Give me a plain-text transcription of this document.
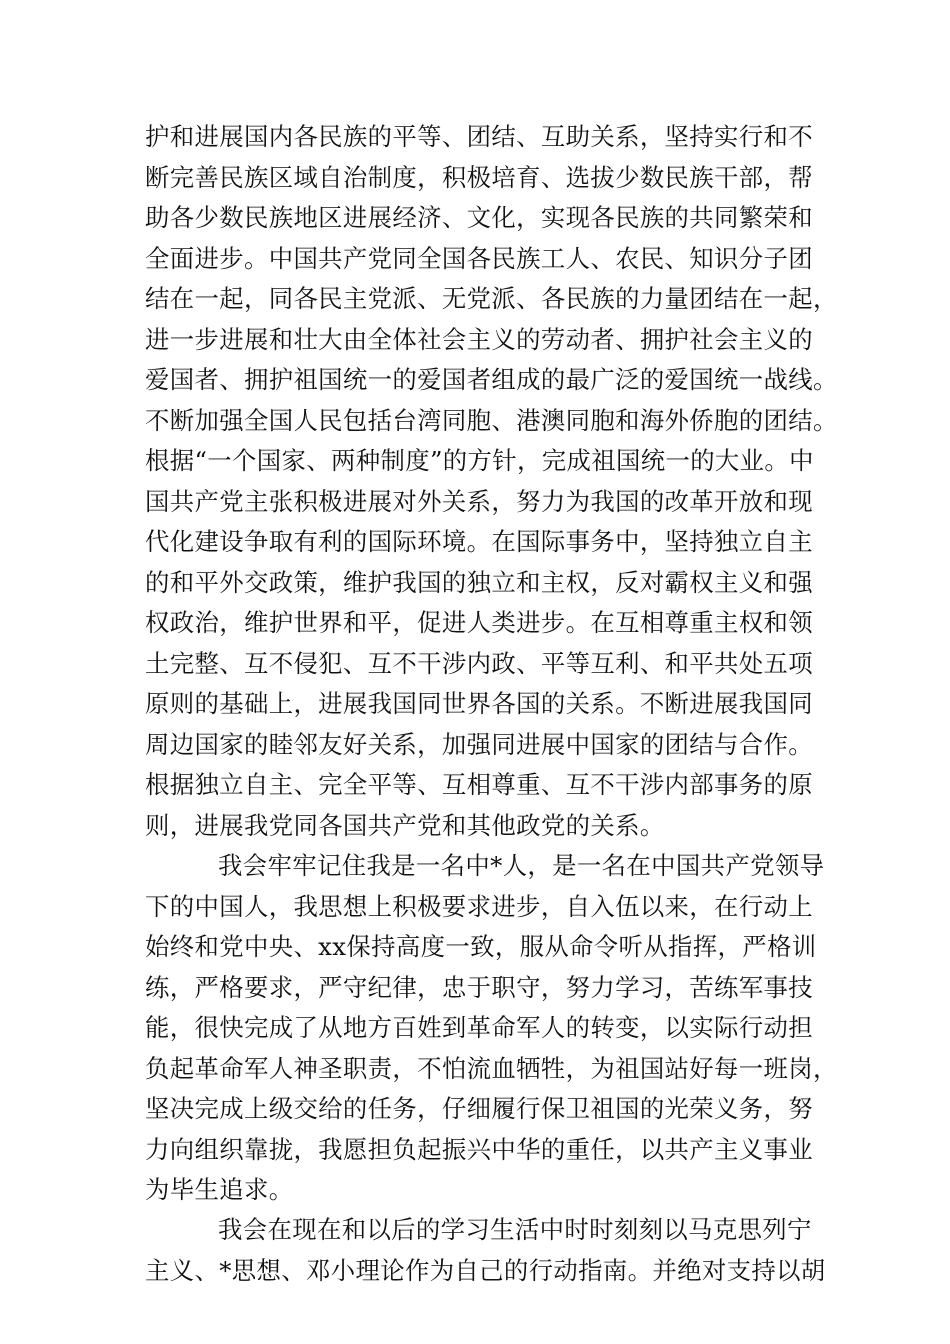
护和进展国内各民族的平等、团结、互助关系，坚持实行和不
断完善民族区域自治制度，积极培育、选拔少数民族干部，帮
助各少数民族地区进展经济、文化，实现各民族的共同繁荣和
全面进步。中国共产党同全国各民族工人、农民、知识分子团
结在一起，同各民主党派、无党派、各民族的力量团结在一起，
进一步进展和壮大由全体社会主义的劳动者、拥护社会主义的
爱国者、拥护祖国统一的爱国者组成的最广泛的爱国统一战线。
不断加强全国人民包括台湾同胞、港澳同胞和海外侨胞的团结。
根据“一个国家、两种制度”的方针，完成祖国统一的大业。中
国共产党主张积极进展对外关系，努力为我国的改革开放和现
代化建设争取有利的国际环境。在国际事务中，坚持独立自主
的和平外交政策，维护我国的独立和主权，反对霸权主义和强
权政治，维护世界和平，促进人类进步。在互相尊重主权和领
土完整、互不侵犯、互不干涉内政、平等互利、和平共处五项
原则的基础上，进展我国同世界各国的关系。不断进展我国同
周边国家的睦邻友好关系，加强同进展中国家的团结与合作。
根据独立自主、完全平等、互相尊重、互不干涉内部事务的原
则，进展我党同各国共产党和其他政党的关系。
我会牢牢记住我是一名中*人，是一名在中国共产党领导
下的中国人，我思想上积极要求进步，自入伍以来，在行动上
始终和党中央、xx保持高度一致，服从命令听从指挥，严格训
练，严格要求，严守纪律，忠于职守，努力学习，苦练军事技
能，很快完成了从地方百姓到革命军人的转变，以实际行动担
负起革命军人神圣职责，不怕流血牺牲，为祖国站好每一班岗，
坚决完成上级交给的任务，仔细履行保卫祖国的光荣义务，努
力向组织靠拢，我愿担负起振兴中华的重任，以共产主义事业
为毕生追求。
我会在现在和以后的学习生活中时时刻刻以马克思列宁
主义、*思想、邓小理论作为自己的行动指南。并绝对支持以胡
